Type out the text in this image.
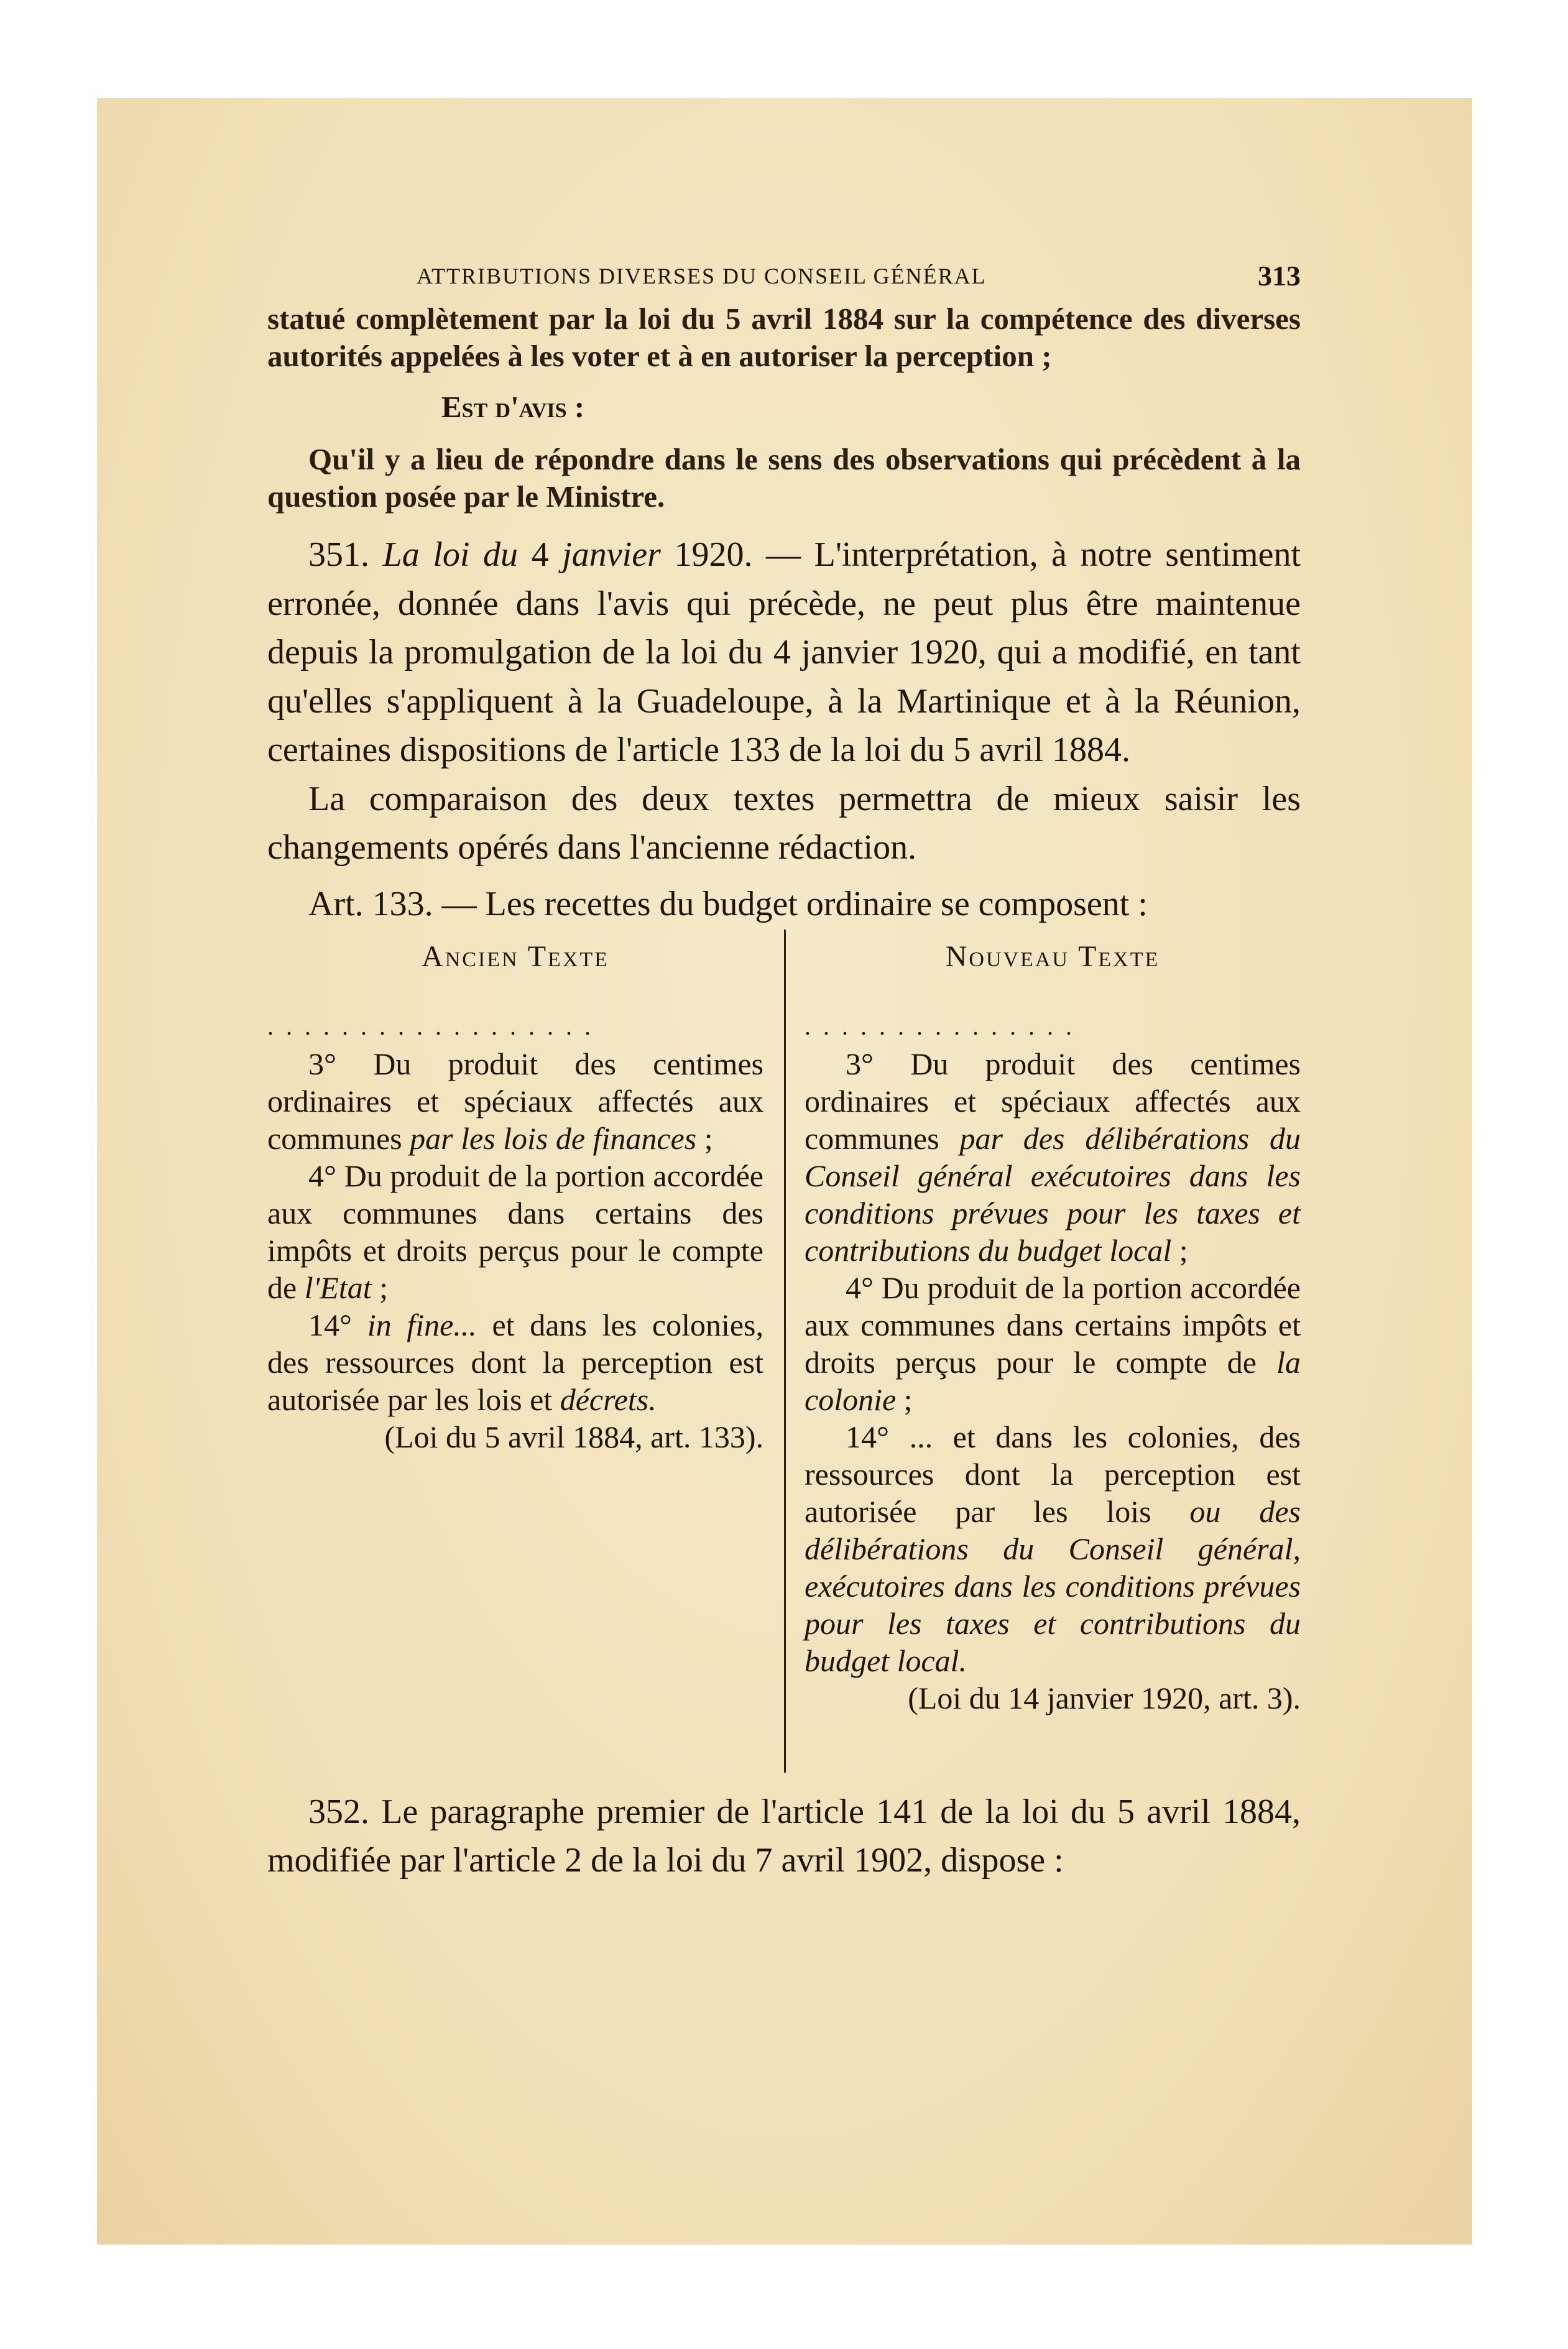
ATTRIBUTIONS DIVERSES DU CONSEIL GÉNÉRAL	313

statué complètement par la loi du 5 avril 1884 sur la compétence des diverses autorités appelées à les voter et à en autoriser la perception ;

Est d'avis :

Qu'il y a lieu de répondre dans le sens des observations qui précèdent à la question posée par le Ministre.

351. La loi du 4 janvier 1920. — L'interprétation, à notre sentiment erronée, donnée dans l'avis qui précède, ne peut plus être maintenue depuis la promulgation de la loi du 4 janvier 1920, qui a modifié, en tant qu'elles s'appliquent à la Guadeloupe, à la Martinique et à la Réunion, certaines dispositions de l'article 133 de la loi du 5 avril 1884.

La comparaison des deux textes permettra de mieux saisir les changements opérés dans l'ancienne rédaction.

Art. 133. — Les recettes du budget ordinaire se composent :
Ancien Texte
..................

3° Du produit des centimes ordinaires et spéciaux affectés aux communes par les lois de finances ;

4° Du produit de la portion accordée aux communes dans certains des impôts et droits perçus pour le compte de l'Etat ;

14° in fine... et dans les colonies, des ressources dont la perception est autorisée par les lois et décrets.

(Loi du 5 avril 1884, art. 133).

Nouveau Texte
...............

3° Du produit des centimes ordinaires et spéciaux affectés aux communes par des délibérations du Conseil général exécutoires dans les conditions prévues pour les taxes et contributions du budget local ;

4° Du produit de la portion accordée aux communes dans certains impôts et droits perçus pour le compte de la colonie ;

14° ... et dans les colonies, des ressources dont la perception est autorisée par les lois ou des délibérations du Conseil général, exécutoires dans les conditions prévues pour les taxes et contributions du budget local.

(Loi du 14 janvier 1920, art. 3).

352. Le paragraphe premier de l'article 141 de la loi du 5 avril 1884, modifiée par l'article 2 de la loi du 7 avril 1902, dispose :
